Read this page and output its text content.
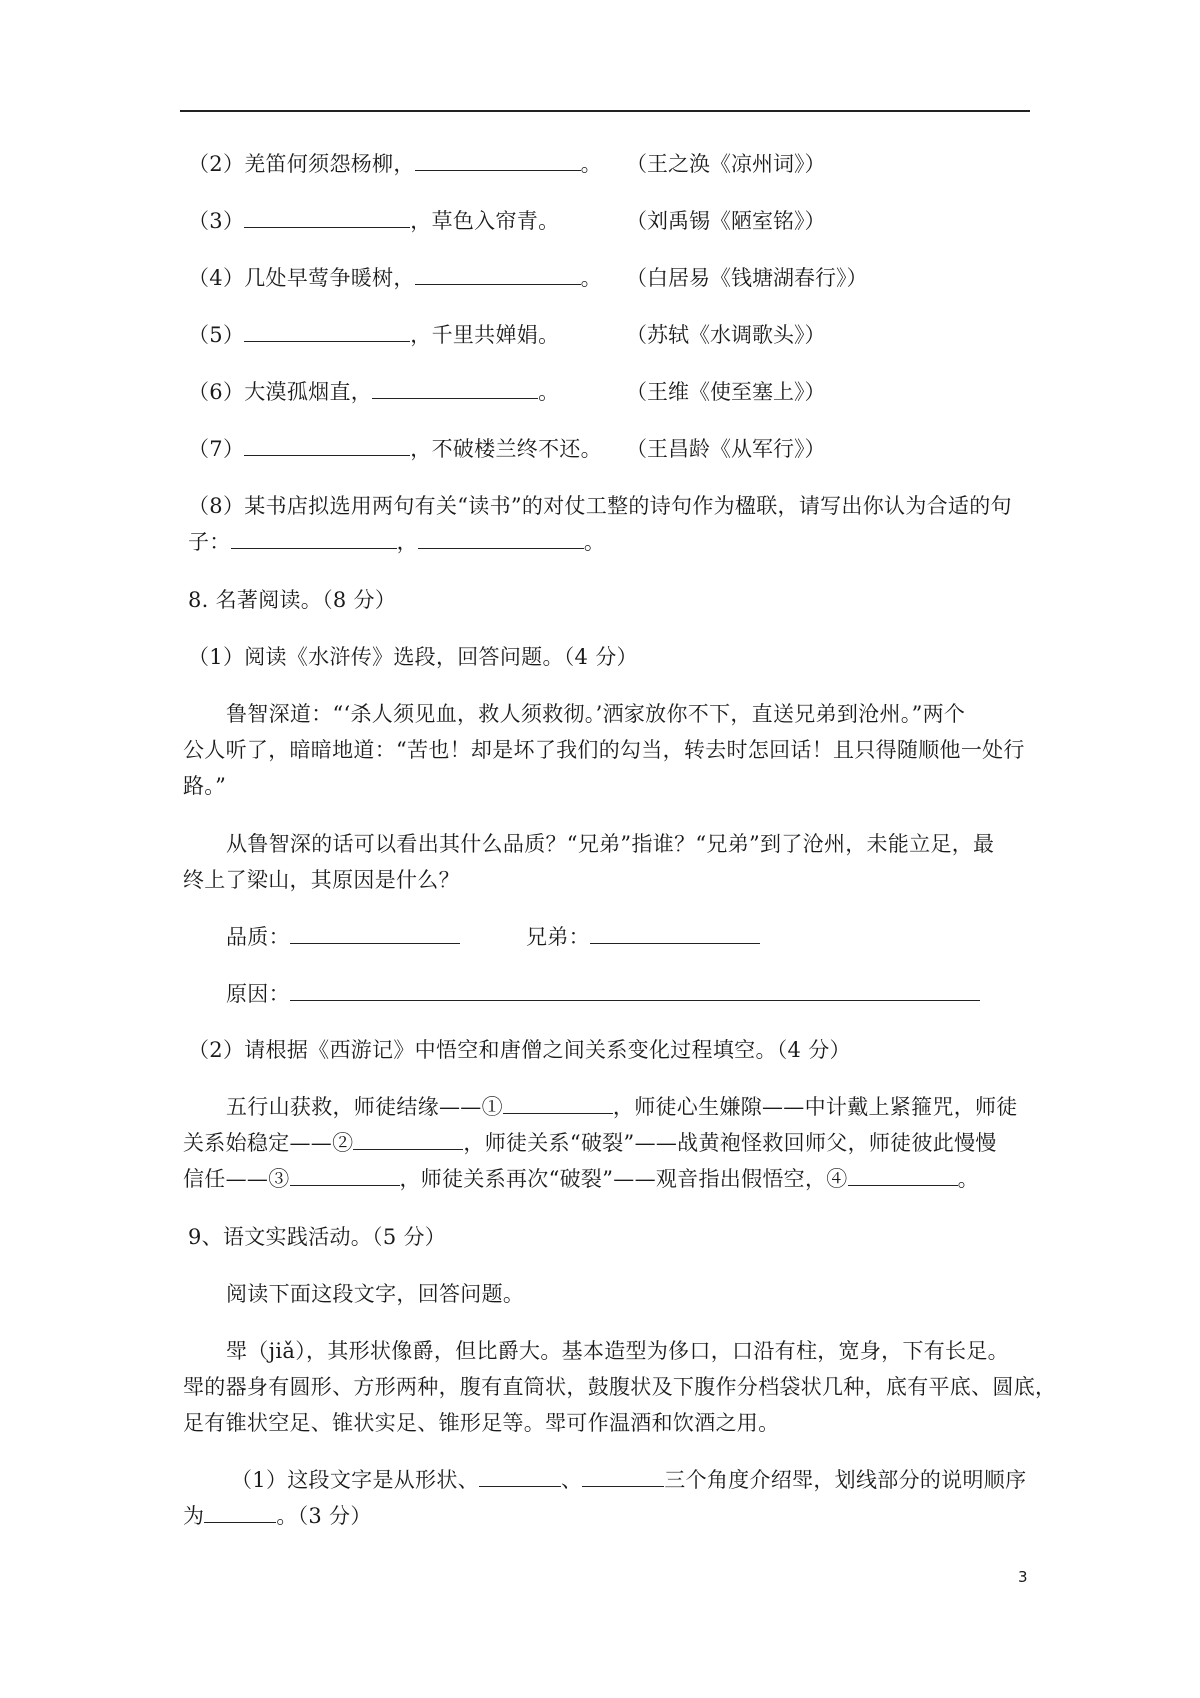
（2）羌笛何须怨杨柳，	。 （王之涣《凉州词》）
（3）	，草色入帘青。	（刘禹锡《陋室铭》）
（4）几处早莺争暖树，	。 （白居易《钱塘湖春行》）
（5）	，千里共婵娟。	（苏轼《水调歌头》）
（6）大漠孤烟直，	。	（王维《使至塞上》）
（7）	，不破楼兰终不还。 （王昌龄《从军行》）
（8）某书店拟选用两句有关“读书”的对仗工整的诗句作为楹联，请写出你认为合适的句
子：	，	。
8. 名著阅读。（8 分）
（1）阅读《水浒传》选段，回答问题。（4 分）
鲁智深道：“‘杀人须见血，救人须救彻。’洒家放你不下，直送兄弟到沧州。”两个
公人听了，暗暗地道：“苦也！却是坏了我们的勾当，转去时怎回话！且只得随顺他一处行
路。”
从鲁智深的话可以看出其什么品质？“兄弟”指谁？“兄弟”到了沧州，未能立足，最
终上了梁山，其原因是什么？
品质：	兄弟：
原因：
（2）请根据《西游记》中悟空和唐僧之间关系变化过程填空。（4 分）
五行山获救，师徒结缘——①	，师徒心生嫌隙——中计戴上紧箍咒，师徒
关系始稳定——②	，师徒关系“破裂”——战黄袍怪救回师父，师徒彼此慢慢
信任——③	，师徒关系再次“破裂”——观音指出假悟空，④	。
9、语文实践活动。（5 分）
阅读下面这段文字，回答问题。
斝（jiǎ），其形状像爵，但比爵大。基本造型为侈口，口沿有柱，宽身，下有长足。
斝的器身有圆形、方形两种，腹有直筒状，鼓腹状及下腹作分档袋状几种，底有平底、圆底，
足有锥状空足、锥状实足、锥形足等。斝可作温酒和饮酒之用。
（1）这段文字是从形状、	、	三个角度介绍斝，划线部分的说明顺序
为	。（3 分）
3
